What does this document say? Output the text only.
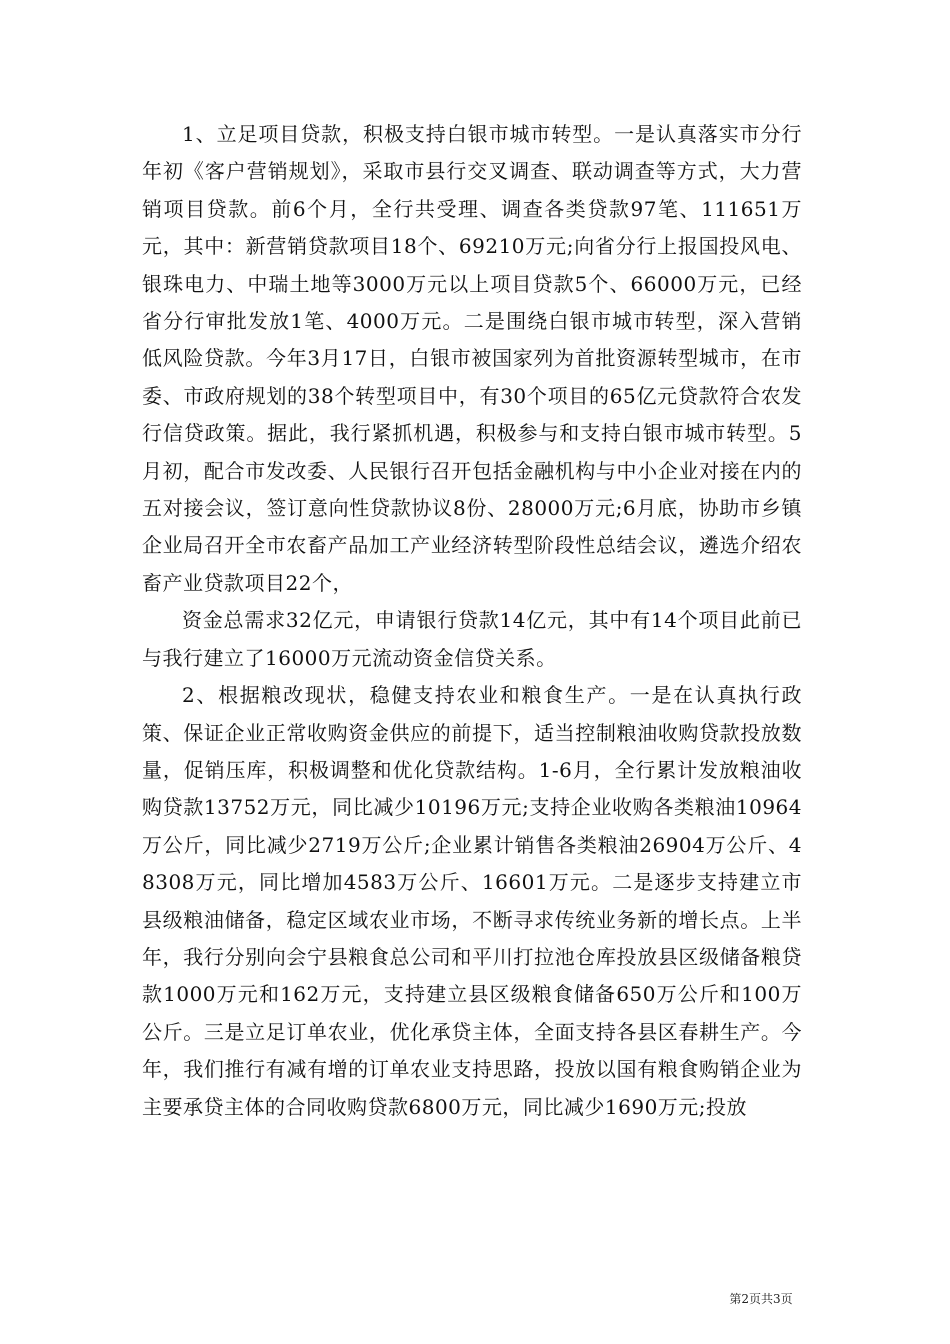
1、立足项目贷款，积极支持白银市城市转型。一是认真落实市分行年初《客户营销规划》，采取市县行交叉调查、联动调查等方式，大力营销项目贷款。前6个月，全行共受理、调查各类贷款97笔、111651万元，其中：新营销贷款项目18个、69210万元;向省分行上报国投风电、银珠电力、中瑞土地等3000万元以上项目贷款5个、66000万元，已经省分行审批发放1笔、4000万元。二是围绕白银市城市转型，深入营销低风险贷款。今年3月17日，白银市被国家列为首批资源转型城市，在市委、市政府规划的38个转型项目中，有30个项目的65亿元贷款符合农发行信贷政策。据此，我行紧抓机遇，积极参与和支持白银市城市转型。5月初，配合市发改委、人民银行召开包括金融机构与中小企业对接在内的五对接会议，签订意向性贷款协议8份、28000万元;6月底，协助市乡镇企业局召开全市农畜产品加工产业经济转型阶段性总结会议，遴选介绍农畜产业贷款项目22个，

资金总需求32亿元，申请银行贷款14亿元，其中有14个项目此前已与我行建立了16000万元流动资金信贷关系。

2、根据粮改现状，稳健支持农业和粮食生产。一是在认真执行政策、保证企业正常收购资金供应的前提下，适当控制粮油收购贷款投放数量，促销压库，积极调整和优化贷款结构。1-6月，全行累计发放粮油收购贷款13752万元，同比减少10196万元;支持企业收购各类粮油10964万公斤，同比减少2719万公斤;企业累计销售各类粮油26904万公斤、48308万元，同比增加4583万公斤、16601万元。二是逐步支持建立市县级粮油储备，稳定区域农业市场，不断寻求传统业务新的增长点。上半年，我行分别向会宁县粮食总公司和平川打拉池仓库投放县区级储备粮贷款1000万元和162万元，支持建立县区级粮食储备650万公斤和100万公斤。三是立足订单农业，优化承贷主体，全面支持各县区春耕生产。今年，我们推行有减有增的订单农业支持思路，投放以国有粮食购销企业为主要承贷主体的合同收购贷款6800万元，同比减少1690万元;投放

第2页共3页
